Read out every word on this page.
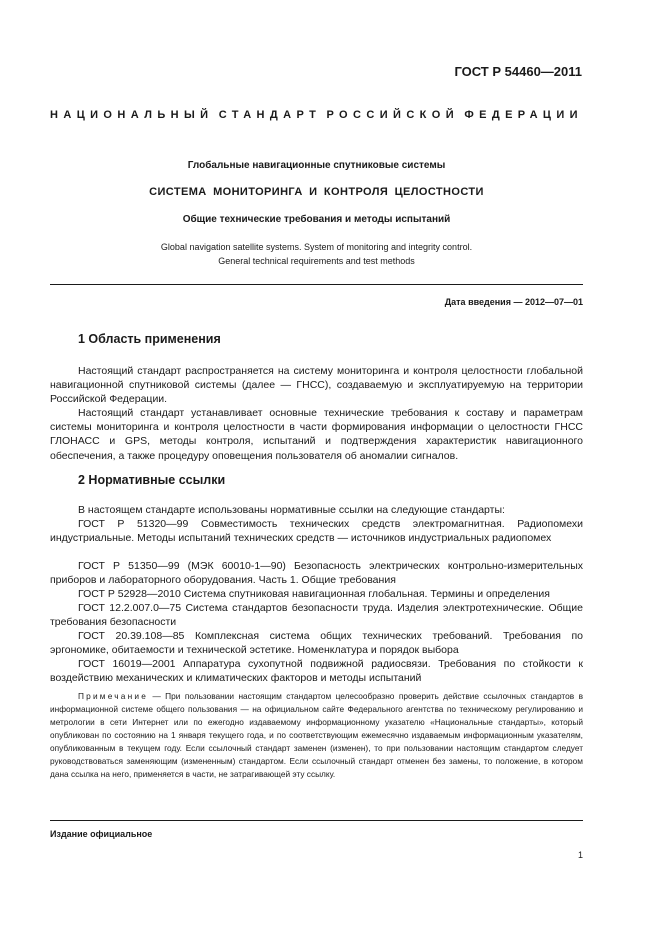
ГОСТ Р 54460—2011
НАЦИОНАЛЬНЫЙ СТАНДАРТ РОССИЙСКОЙ ФЕДЕРАЦИИ
Глобальные навигационные спутниковые системы
СИСТЕМА МОНИТОРИНГА И КОНТРОЛЯ ЦЕЛОСТНОСТИ
Общие технические требования и методы испытаний
Global navigation satellite systems. System of monitoring and integrity control.
General technical requirements and test methods
Дата введения — 2012—07—01
1 Область применения

Настоящий стандарт распространяется на систему мониторинга и контроля целостности глобальной навигационной спутниковой системы (далее — ГНСС), создаваемую и эксплуатируемую на территории Российской Федерации.

Настоящий стандарт устанавливает основные технические требования к составу и параметрам системы мониторинга и контроля целостности в части формирования информации о целостности ГНСС ГЛОНАСС и GPS, методы контроля, испытаний и подтверждения характеристик навигационного обеспечения, а также процедуру оповещения пользователя об аномалии сигналов.

2 Нормативные ссылки

В настоящем стандарте использованы нормативные ссылки на следующие стандарты:

ГОСТ Р 51320—99 Совместимость технических средств электромагнитная. Радиопомехи индустриальные. Методы испытаний технических средств — источников индустриальных радиопомех

ГОСТ Р 51350—99 (МЭК 60010-1—90) Безопасность электрических контрольно-измерительных приборов и лабораторного оборудования. Часть 1. Общие требования

ГОСТ Р 52928—2010 Система спутниковая навигационная глобальная. Термины и определения

ГОСТ 12.2.007.0—75 Система стандартов безопасности труда. Изделия электротехнические. Общие требования безопасности

ГОСТ 20.39.108—85 Комплексная система общих технических требований. Требования по эргономике, обитаемости и технической эстетике. Номенклатура и порядок выбора

ГОСТ 16019—2001 Аппаратура сухопутной подвижной радиосвязи. Требования по стойкости к воздействию механических и климатических факторов и методы испытаний

Примечание — При пользовании настоящим стандартом целесообразно проверить действие ссылочных стандартов в информационной системе общего пользования — на официальном сайте Федерального агентства по техническому регулированию и метрологии в сети Интернет или по ежегодно издаваемому информационному указателю «Национальные стандарты», который опубликован по состоянию на 1 января текущего года, и по соответствующим ежемесячно издаваемым информационным указателям, опубликованным в текущем году. Если ссылочный стандарт заменен (изменен), то при пользовании настоящим стандартом следует руководствоваться заменяющим (измененным) стандартом. Если ссылочный стандарт отменен без замены, то положение, в котором дана ссылка на него, применяется в части, не затрагивающей эту ссылку.

Издание официальное
1
